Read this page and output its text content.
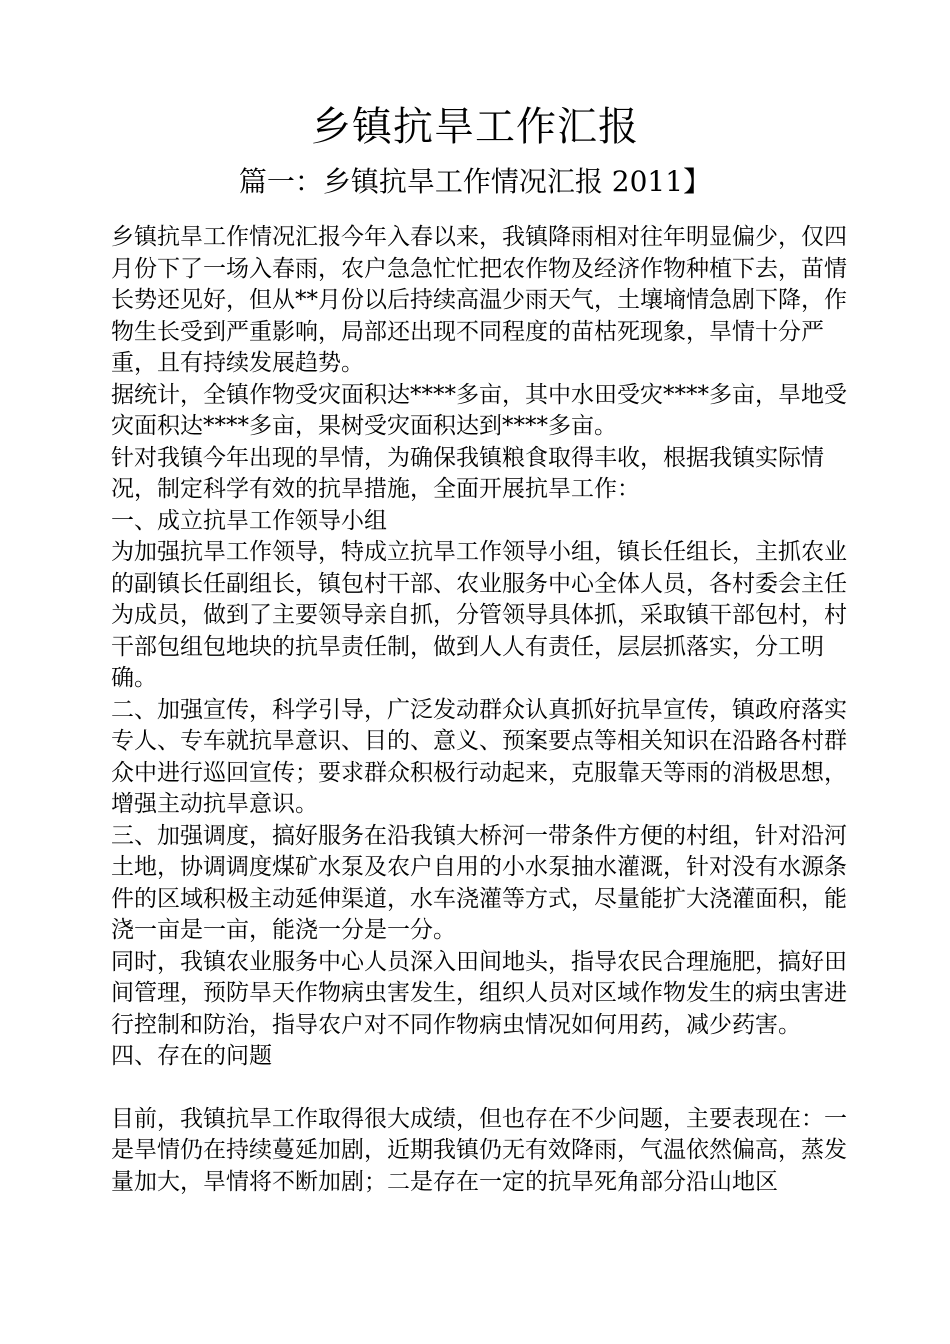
乡镇抗旱工作汇报
篇一：乡镇抗旱工作情况汇报 2011】

乡镇抗旱工作情况汇报今年入春以来，我镇降雨相对往年明显偏少，仅四月份下了一场入春雨，农户急急忙忙把农作物及经济作物种植下去，苗情长势还见好，但从**月份以后持续高温少雨天气，土壤墒情急剧下降，作物生长受到严重影响，局部还出现不同程度的苗枯死现象，旱情十分严重，且有持续发展趋势。

据统计，全镇作物受灾面积达****多亩，其中水田受灾****多亩，旱地受灾面积达****多亩，果树受灾面积达到****多亩。

针对我镇今年出现的旱情，为确保我镇粮食取得丰收，根据我镇实际情况，制定科学有效的抗旱措施，全面开展抗旱工作：

一、成立抗旱工作领导小组

为加强抗旱工作领导，特成立抗旱工作领导小组，镇长任组长，主抓农业的副镇长任副组长，镇包村干部、农业服务中心全体人员，各村委会主任为成员，做到了主要领导亲自抓，分管领导具体抓，采取镇干部包村，村干部包组包地块的抗旱责任制，做到人人有责任，层层抓落实，分工明确。

二、加强宣传，科学引导，广泛发动群众认真抓好抗旱宣传，镇政府落实专人、专车就抗旱意识、目的、意义、预案要点等相关知识在沿路各村群众中进行巡回宣传；要求群众积极行动起来，克服靠天等雨的消极思想，增强主动抗旱意识。

三、加强调度，搞好服务在沿我镇大桥河一带条件方便的村组，针对沿河土地，协调调度煤矿水泵及农户自用的小水泵抽水灌溉，针对没有水源条件的区域积极主动延伸渠道，水车浇灌等方式，尽量能扩大浇灌面积，能浇一亩是一亩，能浇一分是一分。

同时，我镇农业服务中心人员深入田间地头，指导农民合理施肥，搞好田间管理，预防旱天作物病虫害发生，组织人员对区域作物发生的病虫害进行控制和防治，指导农户对不同作物病虫情况如何用药，减少药害。

四、存在的问题

目前，我镇抗旱工作取得很大成绩，但也存在不少问题，主要表现在：一是旱情仍在持续蔓延加剧，近期我镇仍无有效降雨，气温依然偏高，蒸发量加大，旱情将不断加剧；二是存在一定的抗旱死角部分沿山地区
